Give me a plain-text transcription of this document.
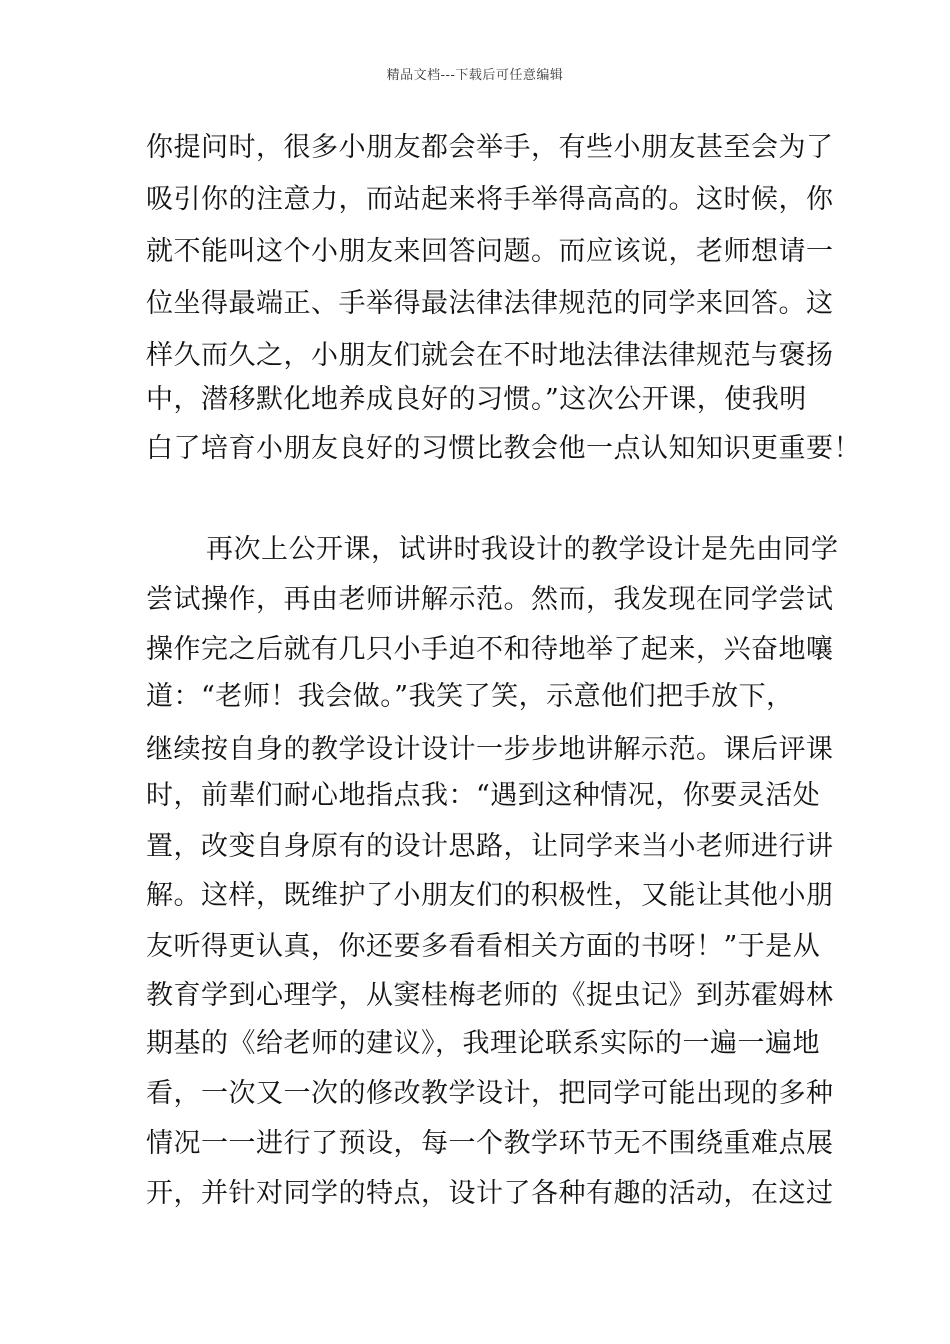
精品文档---下载后可任意编辑
你提问时，很多小朋友都会举手，有些小朋友甚至会为了
吸引你的注意力，而站起来将手举得高高的。这时候，你
就不能叫这个小朋友来回答问题。而应该说，老师想请一
位坐得最端正、手举得最法律法律规范的同学来回答。这
样久而久之，小朋友们就会在不时地法律法律规范与褒扬
中，潜移默化地养成良好的习惯。”这次公开课，使我明
白了培育小朋友良好的习惯比教会他一点认知知识更重要！
再次上公开课，试讲时我设计的教学设计是先由同学
尝试操作，再由老师讲解示范。然而，我发现在同学尝试
操作完之后就有几只小手迫不和待地举了起来，兴奋地嚷
道：“老师！我会做。”我笑了笑，示意他们把手放下，
继续按自身的教学设计设计一步步地讲解示范。课后评课
时，前辈们耐心地指点我：“遇到这种情况，你要灵活处
置，改变自身原有的设计思路，让同学来当小老师进行讲
解。这样，既维护了小朋友们的积极性，又能让其他小朋
友听得更认真，你还要多看看相关方面的书呀！”于是从
教育学到心理学，从窦桂梅老师的《捉虫记》到苏霍姆林
期基的《给老师的建议》，我理论联系实际的一遍一遍地
看，一次又一次的修改教学设计，把同学可能出现的多种
情况一一进行了预设，每一个教学环节无不围绕重难点展
开，并针对同学的特点，设计了各种有趣的活动，在这过
